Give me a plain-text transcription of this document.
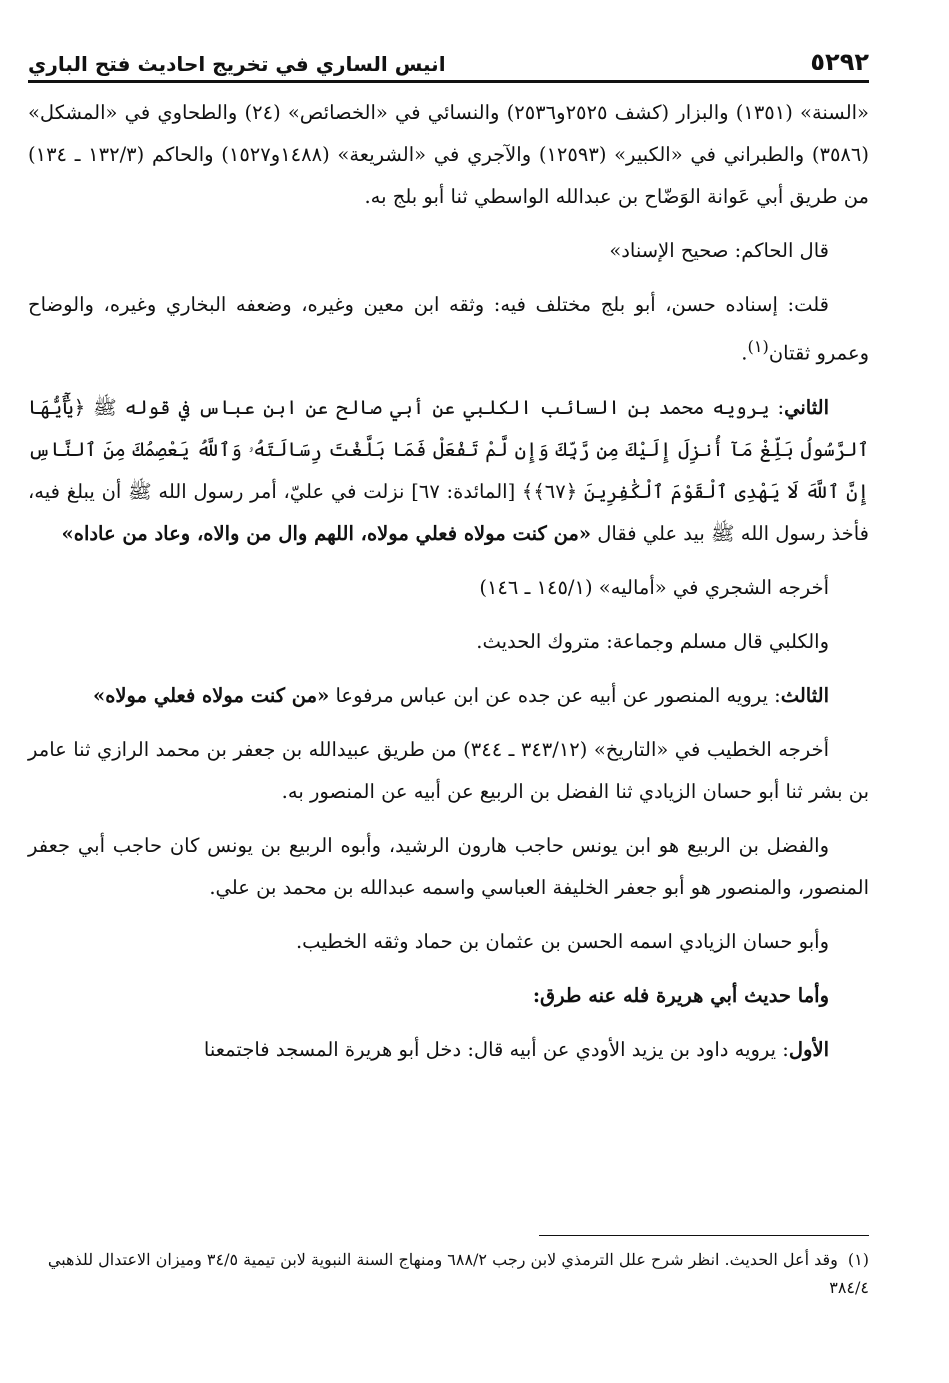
٥٢٩٢
انيس الساري في تخريج احاديث فتح الباري

«السنة» (١٣٥١) والبزار (كشف ٢٥٢٥و٢٥٣٦) والنسائي في «الخصائص» (٢٤) والطحاوي في «المشكل» (٣٥٨٦) والطبراني في «الكبير» (١٢٥٩٣) والآجري في «الشريعة» (١٤٨٨و١٥٢٧) والحاكم (١٣٢/٣ ـ ١٣٤) من طريق أبي عَوانة الوَضّاح بن عبدالله الواسطي ثنا أبو بلج به.

قال الحاكم: صحيح الإسناد»

قلت: إسناده حسن، أبو بلج مختلف فيه: وثقه ابن معين وغيره، وضعفه البخاري وغيره، والوضاح وعمرو ثقتان$^{(١)}$.

الثاني: يرويه محمد بن السائب الكلبي عن أبي صالح عن ابن عباس في قوله ﷺ ﴿يَٰٓأَيُّهَا ٱلرَّسُولُ بَلِّغْ مَآ أُنزِلَ إِلَيْكَ مِن رَّبِّكَ وَإِن لَّمْ تَفْعَلْ فَمَا بَلَّغْتَ رِسَالَتَهُۥ وَٱللَّهُ يَعْصِمُكَ مِنَ ٱلنَّاسِ إِنَّ ٱللَّهَ لَا يَهْدِى ٱلْقَوْمَ ٱلْكَٰفِرِينَ ﴿٦٧﴾﴾ [المائدة: ٦٧] نزلت في عليّ، أمر رسول الله ﷺ أن يبلغ فيه، فأخذ رسول الله ﷺ بيد علي فقال «من كنت مولاه فعلي مولاه، اللهم وال من والاه، وعاد من عاداه»

أخرجه الشجري في «أماليه» (١٤٥/١ ـ ١٤٦)

والكلبي قال مسلم وجماعة: متروك الحديث.

الثالث: يرويه المنصور عن أبيه عن جده عن ابن عباس مرفوعا «من كنت مولاه فعلي مولاه»

أخرجه الخطيب في «التاريخ» (٣٤٣/١٢ ـ ٣٤٤) من طريق عبيدالله بن جعفر بن محمد الرازي ثنا عامر بن بشر ثنا أبو حسان الزيادي ثنا الفضل بن الربيع عن أبيه عن المنصور به.

والفضل بن الربيع هو ابن يونس حاجب هارون الرشيد، وأبوه الربيع بن يونس كان حاجب أبي جعفر المنصور، والمنصور هو أبو جعفر الخليفة العباسي واسمه عبدالله بن محمد بن علي.

وأبو حسان الزيادي اسمه الحسن بن عثمان بن حماد وثقه الخطيب.

وأما حديث أبي هريرة فله عنه طرق:

الأول: يرويه داود بن يزيد الأودي عن أبيه قال: دخل أبو هريرة المسجد فاجتمعنا

(١)وقد أعل الحديث. انظر شرح علل الترمذي لابن رجب ٦٨٨/٢ ومنهاج السنة النبوية لابن تيمية ٣٤/٥ وميزان الاعتدال للذهبي ٣٨٤/٤
